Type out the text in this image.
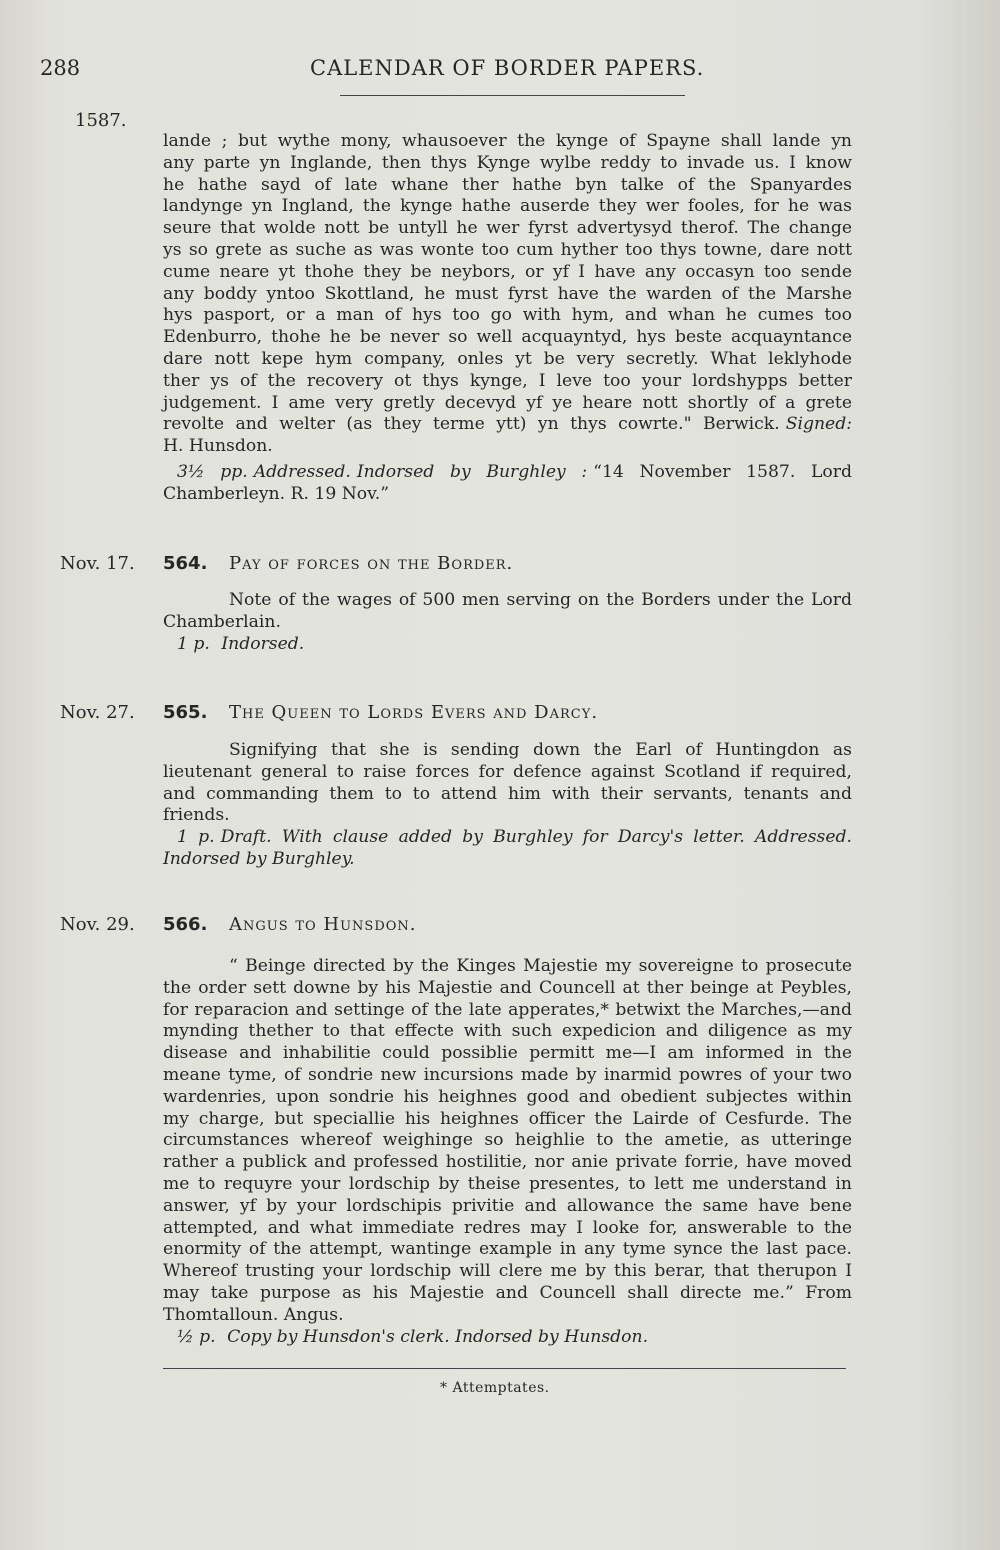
288	CALENDAR OF BORDER PAPERS.
1587.
lande ; but wythe mony, whausoever the kynge of Spayne shall lande yn
any parte yn Inglande, then thys Kynge wylbe reddy to invade us. I know
he hathe sayd of late whane ther hathe byn talke of the Spanyardes
landynge yn Ingland, the kynge hathe auserde they wer fooles, for he was
seure that wolde nott be untyll he wer fyrst advertysyd therof. The change
ys so grete as suche as was wonte too cum hyther too thys towne, dare nott
cume neare yt thohe they be neybors, or yf I have any occasyn too sende
any boddy yntoo Skottland, he must fyrst have the warden of the Marshe
hys pasport, or a man of hys too go with hym, and whan he cumes too
Edenburro, thohe he be never so well acquayntyd, hys beste acquayntance
dare nott kepe hym company, onles yt be very secretly. What leklyhode
ther ys of the recovery ot thys kynge, I leve too your lordshypps better
judgement. I ame very gretly decevyd yf ye heare nott shortly of a grete
revolte and welter (as they terme ytt) yn thys cowrte." Berwick. Signed:
H. Hunsdon.
3½ pp. Addressed. Indorsed by Burghley : “14 November 1587. Lord
Chamberleyn. R. 19 Nov.”
Nov. 17. 564. Pay of forces on the Border.
Note of the wages of 500 men serving on the Borders under the Lord
Chamberlain.
1 p. Indorsed.
Nov. 27. 565. The Queen to Lords Evers and Darcy.
Signifying that she is sending down the Earl of Huntingdon as
lieutenant general to raise forces for defence against Scotland if required,
and commanding them to to attend him with their servants, tenants and
friends.
1 p. Draft. With clause added by Burghley for Darcy's letter. Addressed.
Indorsed by Burghley.
Nov. 29. 566. Angus to Hunsdon.
“ Beinge directed by the Kinges Majestie my sovereigne to prosecute
the order sett downe by his Majestie and Councell at ther beinge at Peybles,
for reparacion and settinge of the late apperates,* betwixt the Marches,—and
mynding thether to that effecte with such expedicion and diligence as my
disease and inhabilitie could possiblie permitt me—I am informed in the
meane tyme, of sondrie new incursions made by inarmid powres of your two
wardenries, upon sondrie his heighnes good and obedient subjectes within
my charge, but speciallie his heighnes officer the Lairde of Cesfurde. The
circumstances whereof weighinge so heighlie to the ametie, as utteringe
rather a publick and professed hostilitie, nor anie private forrie, have moved
me to requyre your lordschip by theise presentes, to lett me understand in
answer, yf by your lordschipis privitie and allowance the same have bene
attempted, and what immediate redres may I looke for, answerable to the
enormity of the attempt, wantinge example in any tyme synce the last pace.
Whereof trusting your lordschip will clere me by this berar, that therupon I
may take purpose as his Majestie and Councell shall directe me.” From
Thomtalloun. Angus.
½ p. Copy by Hunsdon's clerk. Indorsed by Hunsdon.
* Attemptates.
